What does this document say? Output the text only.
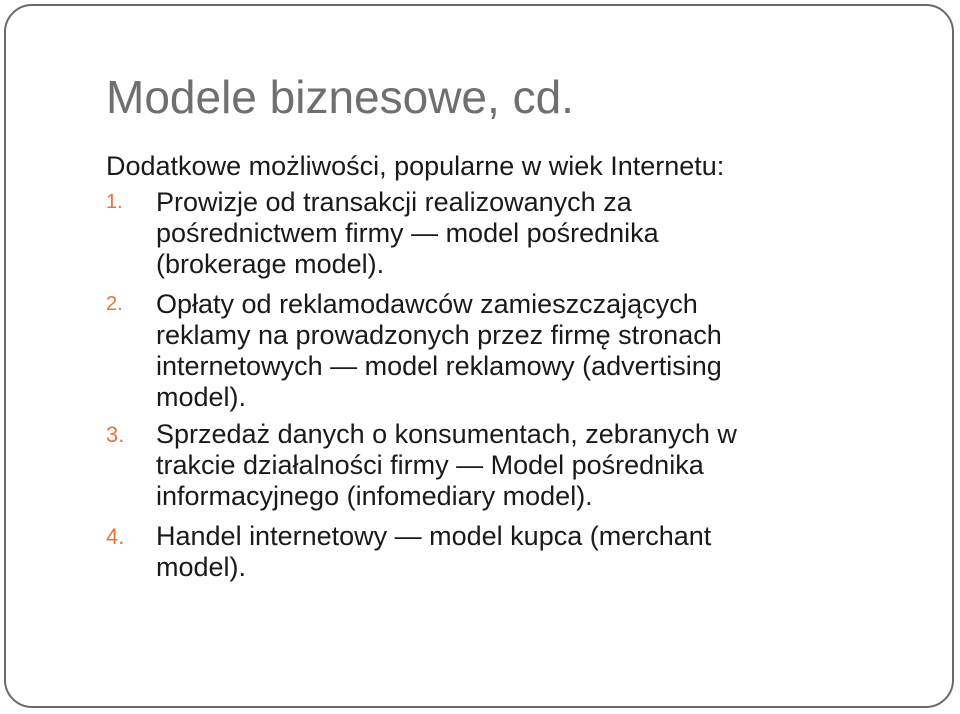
Modele biznesowe, cd.

Dodatkowe możliwości, popularne w wiek Internetu:

1. Prowizje od transakcji realizowanych za
pośrednictwem firmy — model pośrednika
(brokerage model).
2. Opłaty od reklamodawców zamieszczających
reklamy na prowadzonych przez firmę stronach
internetowych — model reklamowy (advertising
model).
3. Sprzedaż danych o konsumentach, zebranych w
trakcie działalności firmy — Model pośrednika
informacyjnego (infomediary model).
4. Handel internetowy — model kupca (merchant
model).
